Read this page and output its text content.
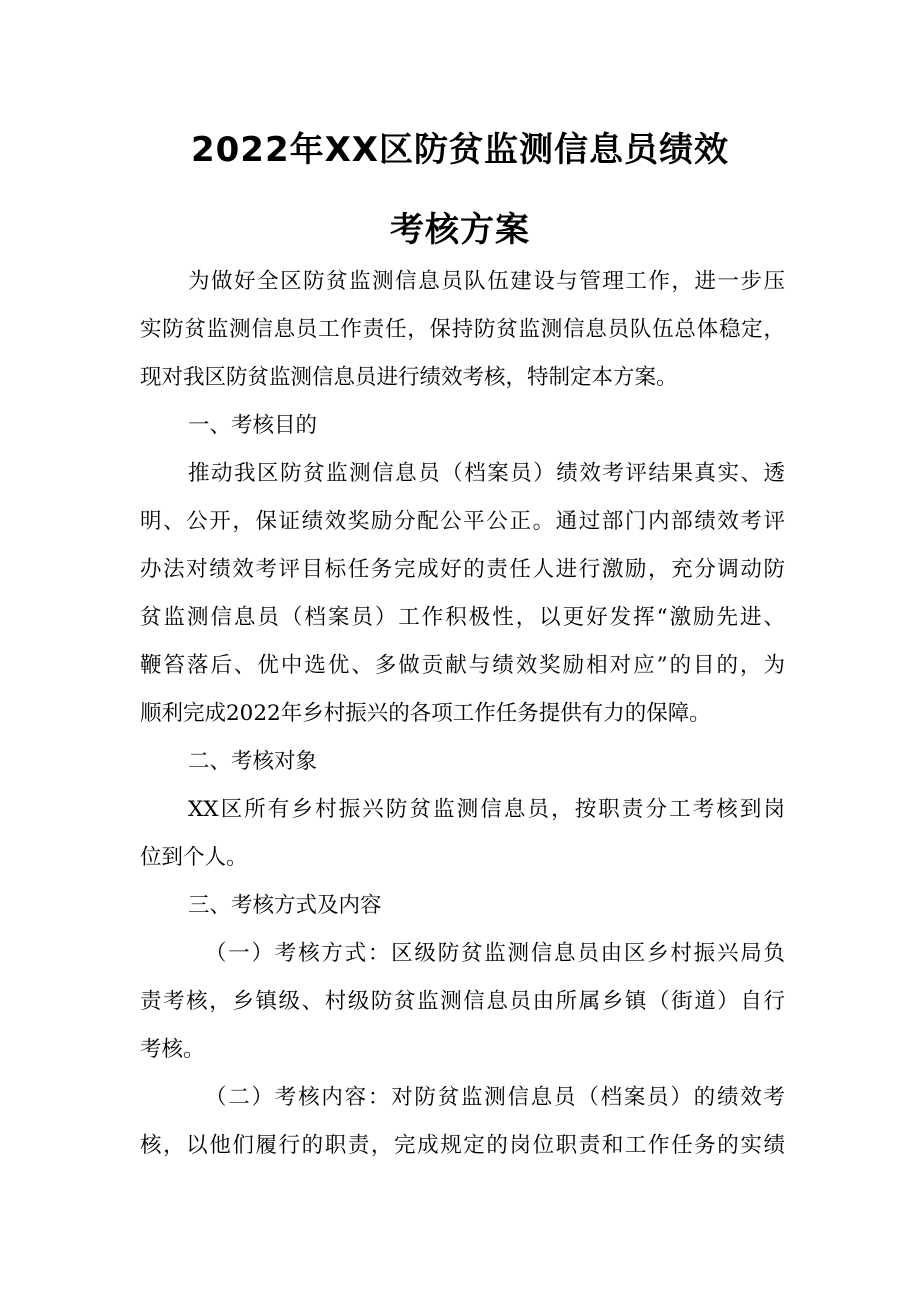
2022年XX区防贫监测信息员绩效
考核方案
为做好全区防贫监测信息员队伍建设与管理工作，进一步压
实防贫监测信息员工作责任，保持防贫监测信息员队伍总体稳定，
现对我区防贫监测信息员进行绩效考核，特制定本方案。
一、考核目的
推动我区防贫监测信息员（档案员）绩效考评结果真实、透
明、公开，保证绩效奖励分配公平公正。通过部门内部绩效考评
办法对绩效考评目标任务完成好的责任人进行激励，充分调动防
贫监测信息员（档案员）工作积极性，以更好发挥“激励先进、
鞭笞落后、优中选优、多做贡献与绩效奖励相对应”的目的，为
顺利完成2022年乡村振兴的各项工作任务提供有力的保障。
二、考核对象
XX区所有乡村振兴防贫监测信息员，按职责分工考核到岗
位到个人。
三、考核方式及内容
（一）考核方式：区级防贫监测信息员由区乡村振兴局负
责考核，乡镇级、村级防贫监测信息员由所属乡镇（街道）自行
考核。
（二）考核内容：对防贫监测信息员（档案员）的绩效考
核，以他们履行的职责，完成规定的岗位职责和工作任务的实绩
